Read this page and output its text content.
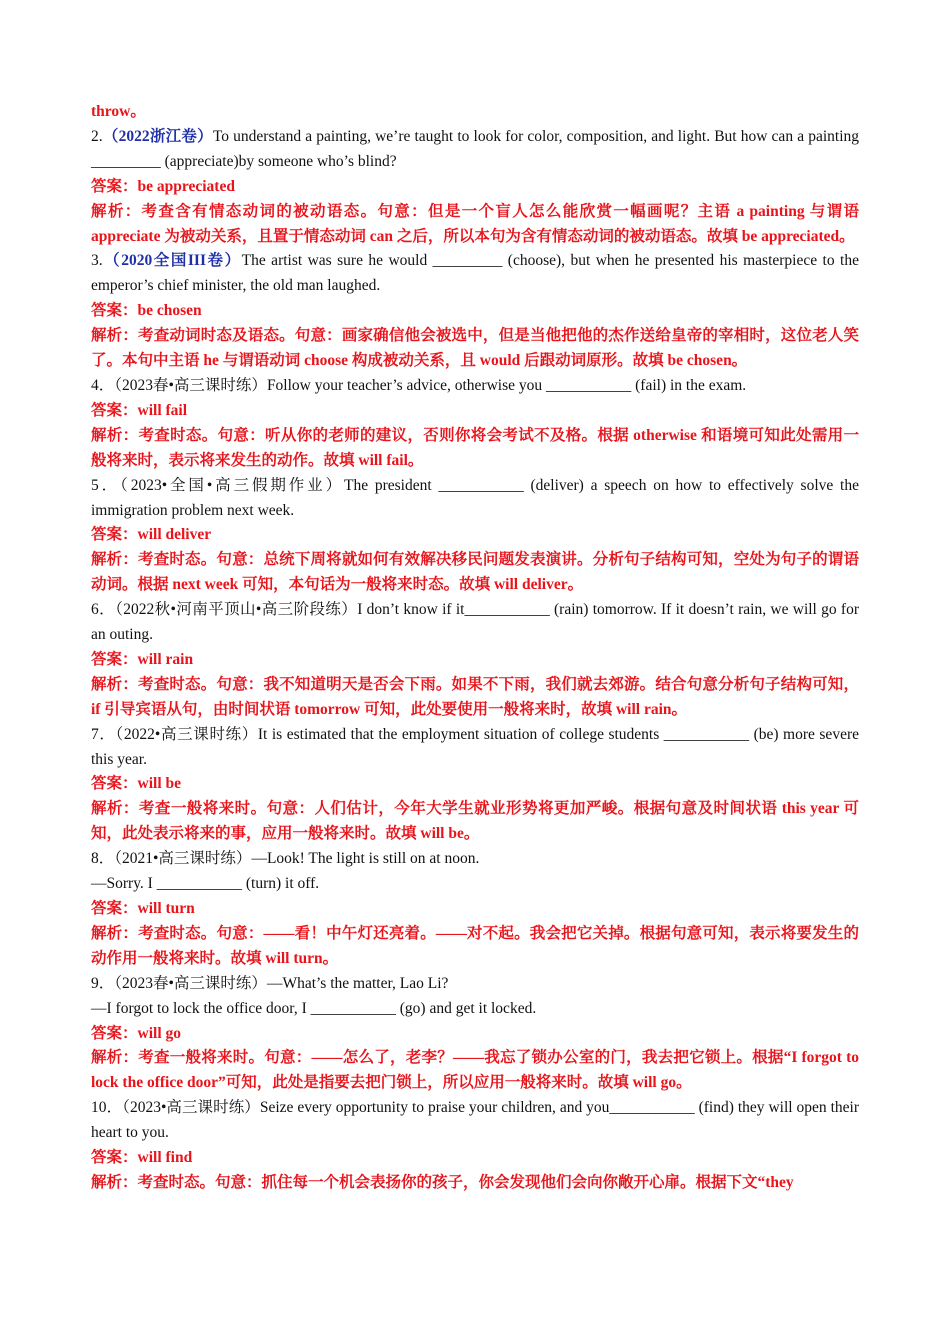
throw。

2.（2022浙江卷）To understand a painting, we’re taught to look for color, composition, and light. But how can a painting _________ (appreciate)by someone who’s blind?

答案：be appreciated

解析：考查含有情态动词的被动语态。句意：但是一个盲人怎么能欣赏一幅画呢？主语 a painting 与谓语 appreciate 为被动关系，且置于情态动词 can 之后，所以本句为含有情态动词的被动语态。故填 be appreciated。

3.（2020全国III卷）The artist was sure he would _________ (choose), but when he presented his masterpiece to the emperor’s chief minister, the old man laughed.

答案：be chosen

解析：考查动词时态及语态。句意：画家确信他会被选中，但是当他把他的杰作送给皇帝的宰相时，这位老人笑了。本句中主语 he 与谓语动词 choose 构成被动关系，且 would 后跟动词原形。故填 be chosen。

4．（2023春•高三课时练）Follow your teacher’s advice, otherwise you ___________ (fail) in the exam.

答案：will fail

解析：考查时态。句意：听从你的老师的建议，否则你将会考试不及格。根据 otherwise 和语境可知此处需用一般将来时，表示将来发生的动作。故填 will fail。

5．（2023•全国•高三假期作业）The president ___________ (deliver) a speech on how to effectively solve the immigration problem next week.

答案：will deliver

解析：考查时态。句意：总统下周将就如何有效解决移民问题发表演讲。分析句子结构可知，空处为句子的谓语动词。根据 next week 可知，本句话为一般将来时态。故填 will deliver。

6．（2022秋•河南平顶山•高三阶段练）I don’t know if it___________ (rain) tomorrow. If it doesn’t rain, we will go for an outing.

答案：will rain

解析：考查时态。句意：我不知道明天是否会下雨。如果不下雨，我们就去郊游。结合句意分析句子结构可知，if 引导宾语从句，由时间状语 tomorrow 可知，此处要使用一般将来时，故填 will rain。

7．（2022•高三课时练）It is estimated that the employment situation of college students ___________ (be) more severe this year.

答案：will be

解析：考查一般将来时。句意：人们估计，今年大学生就业形势将更加严峻。根据句意及时间状语 this year 可知，此处表示将来的事，应用一般将来时。故填 will be。

8．（2021•高三课时练）—Look! The light is still on at noon.

—Sorry. I ___________ (turn) it off.

答案：will turn

解析：考查时态。句意：——看！中午灯还亮着。——对不起。我会把它关掉。根据句意可知，表示将要发生的动作用一般将来时。故填 will turn。

9．（2023春•高三课时练）—What’s the matter, Lao Li?

—I forgot to lock the office door, I ___________ (go) and get it locked.

答案：will go

解析：考查一般将来时。句意：——怎么了，老李？——我忘了锁办公室的门，我去把它锁上。根据“I forgot to lock the office door”可知，此处是指要去把门锁上，所以应用一般将来时。故填 will go。

10．（2023•高三课时练）Seize every opportunity to praise your children, and you___________ (find) they will open their heart to you.

答案：will find

解析：考查时态。句意：抓住每一个机会表扬你的孩子，你会发现他们会向你敞开心扉。根据下文“they
